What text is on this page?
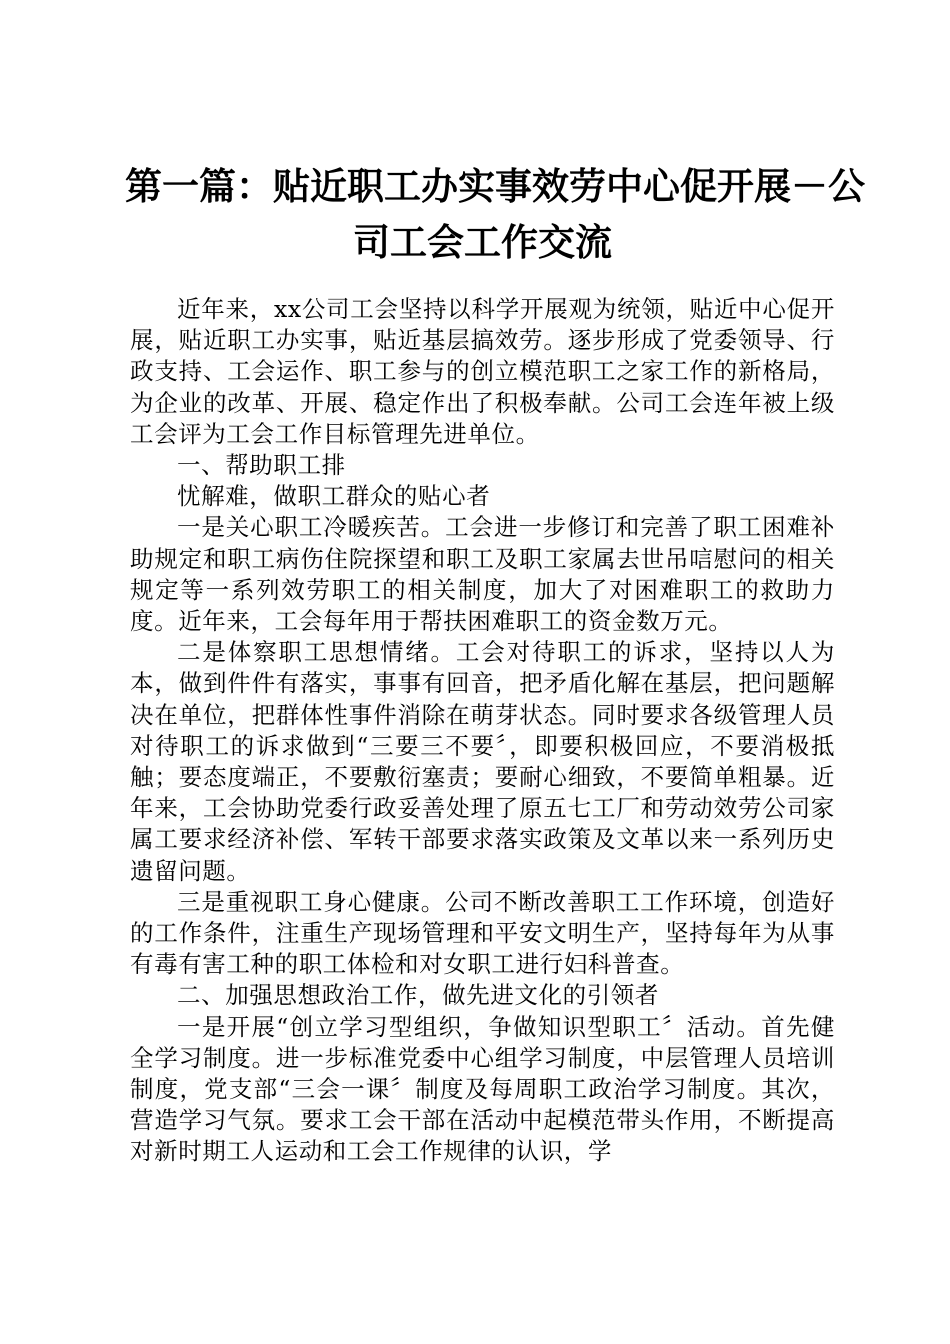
第一篇：贴近职工办实事效劳中心促开展－公
司工会工作交流

近年来，xx公司工会坚持以科学开展观为统领，贴近中心促开展，贴近职工办实事，贴近基层搞效劳。逐步形成了党委领导、行政支持、工会运作、职工参与的创立模范职工之家工作的新格局，为企业的改革、开展、稳定作出了积极奉献。公司工会连年被上级工会评为工会工作目标管理先进单位。

一、帮助职工排

忧解难，做职工群众的贴心者

一是关心职工冷暖疾苦。工会进一步修订和完善了职工困难补助规定和职工病伤住院探望和职工及职工家属去世吊唁慰问的相关规定等一系列效劳职工的相关制度，加大了对困难职工的救助力度。近年来，工会每年用于帮扶困难职工的资金数万元。

二是体察职工思想情绪。工会对待职工的诉求，坚持以人为本，做到件件有落实，事事有回音，把矛盾化解在基层，把问题解决在单位，把群体性事件消除在萌芽状态。同时要求各级管理人员对待职工的诉求做到“三要三不要〞，即要积极回应，不要消极抵触；要态度端正，不要敷衍塞责；要耐心细致，不要简单粗暴。近年来，工会协助党委行政妥善处理了原五七工厂和劳动效劳公司家属工要求经济补偿、军转干部要求落实政策及文革以来一系列历史遗留问题。

三是重视职工身心健康。公司不断改善职工工作环境，创造好的工作条件，注重生产现场管理和平安文明生产，坚持每年为从事有毒有害工种的职工体检和对女职工进行妇科普查。

二、加强思想政治工作，做先进文化的引领者

一是开展“创立学习型组织，争做知识型职工〞活动。首先健全学习制度。进一步标准党委中心组学习制度，中层管理人员培训制度，党支部“三会一课〞制度及每周职工政治学习制度。其次，营造学习气氛。要求工会干部在活动中起模范带头作用，不断提高对新时期工人运动和工会工作规律的认识，学
